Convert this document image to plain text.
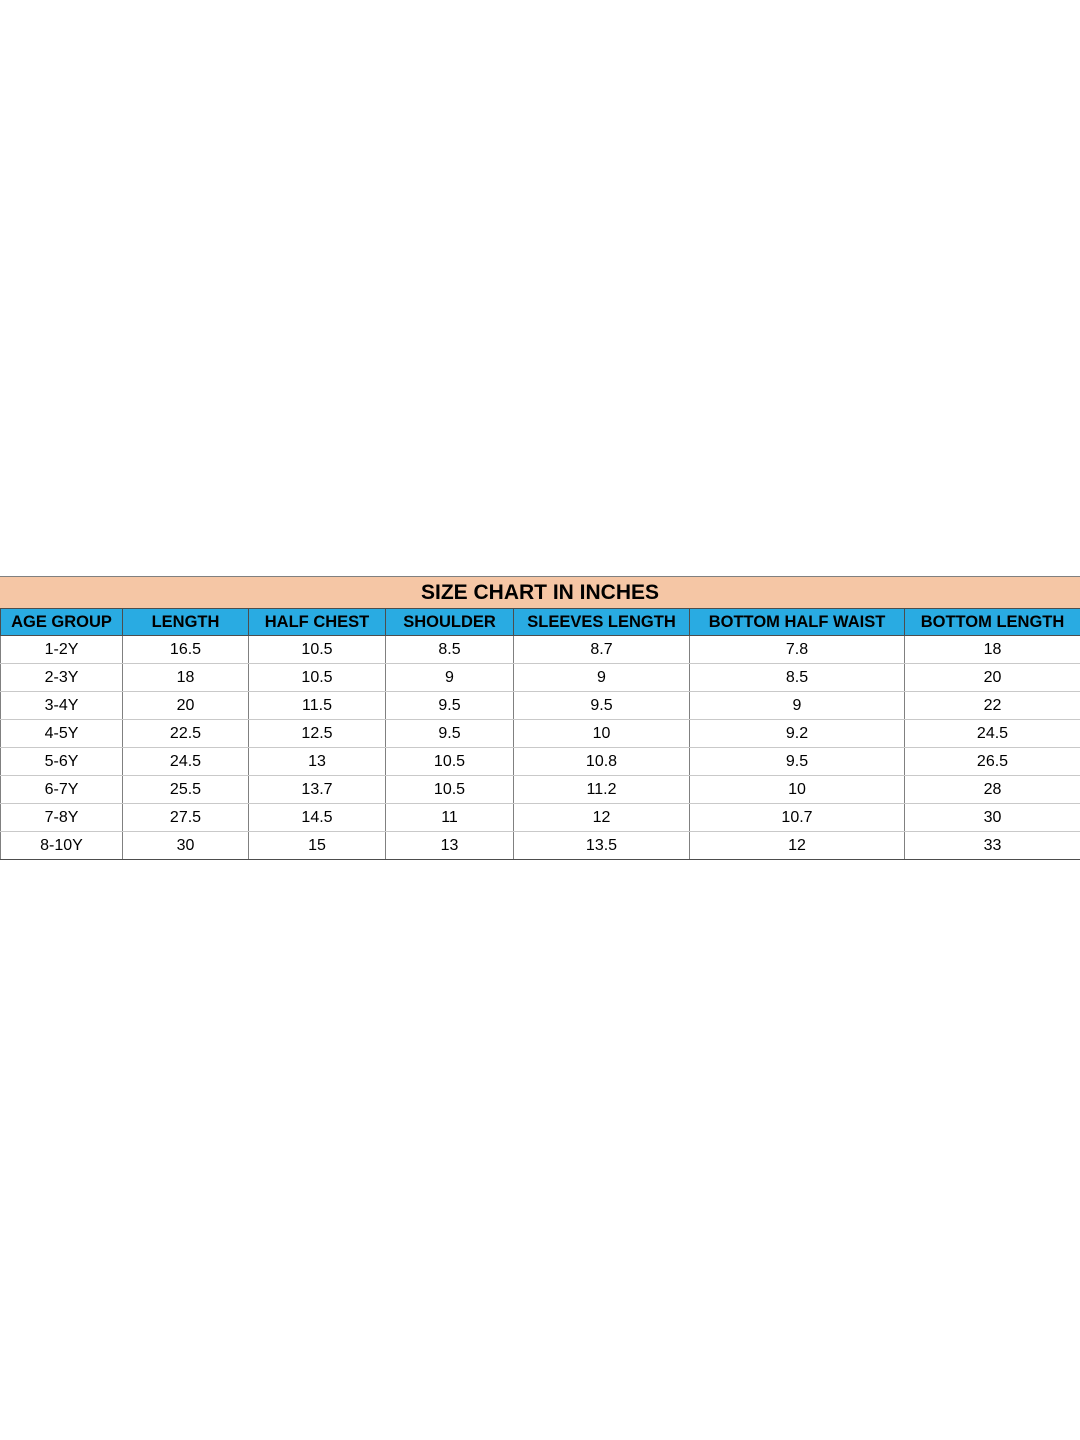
SIZE CHART IN INCHES
AGE GROUP	LENGTH	HALF CHEST	SHOULDER	SLEEVES LENGTH	BOTTOM HALF WAIST	BOTTOM LENGTH
1-2Y	16.5	10.5	8.5	8.7	7.8	18
2-3Y	18	10.5	9	9	8.5	20
3-4Y	20	11.5	9.5	9.5	9	22
4-5Y	22.5	12.5	9.5	10	9.2	24.5
5-6Y	24.5	13	10.5	10.8	9.5	26.5
6-7Y	25.5	13.7	10.5	11.2	10	28
7-8Y	27.5	14.5	11	12	10.7	30
8-10Y	30	15	13	13.5	12	33
